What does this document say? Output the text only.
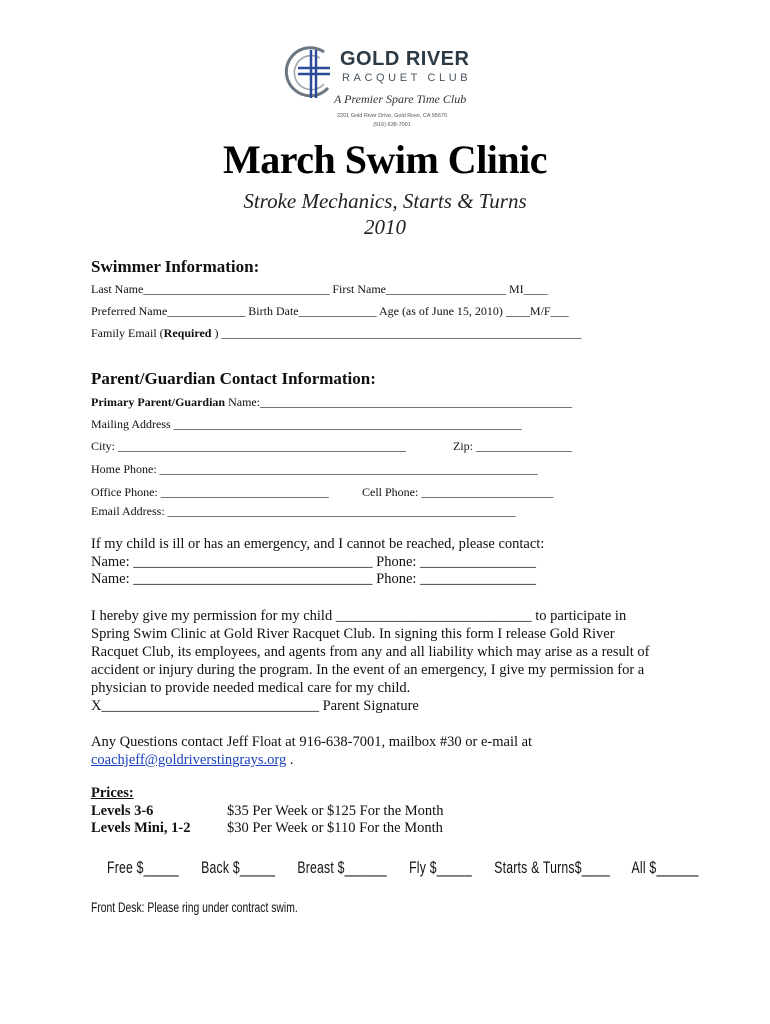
GOLD RIVER
RACQUET CLUB
A Premier Spare Time Club
2201 Gold River Drive, Gold River, CA 95670
(916) 638-7001
March Swim Clinic
Stroke Mechanics, Starts & Turns
2010
Swimmer Information:
Last Name_______________________________ First Name____________________ MI____
Preferred Name_____________ Birth Date_____________ Age (as of June 15, 2010) ____M/F___
Family Email (Required ) ____________________________________________________________
Parent/Guardian Contact Information:
Primary Parent/Guardian Name:____________________________________________________
Mailing Address __________________________________________________________
City: ________________________________________________	Zip: ________________
Home Phone: _______________________________________________________________
Office Phone: ____________________________	Cell Phone: ______________________
Email Address: __________________________________________________________
If my child is ill or has an emergency, and I cannot be reached, please contact:
Name: _________________________________ Phone: ________________
Name: _________________________________ Phone: ________________
I hereby give my permission for my child ___________________________ to participate in
Spring Swim Clinic at Gold River Racquet Club. In signing this form I release Gold River
Racquet Club, its employees, and agents from any and all liability which may arise as a result of
accident or injury during the program. In the event of an emergency, I give my permission for a
physician to provide needed medical care for my child.
X______________________________ Parent Signature
Any Questions contact Jeff Float at 916-638-7001, mailbox #30 or e-mail at
coachjeff@goldriverstingrays.org .
Prices:
Levels 3-6	$35 Per Week or $125 For the Month
Levels Mini, 1-2	$30 Per Week or $110 For the Month
Free $_____ Back $_____ Breast $______ Fly $_____ Starts & Turns$____ All $______
Front Desk: Please ring under contract swim.
